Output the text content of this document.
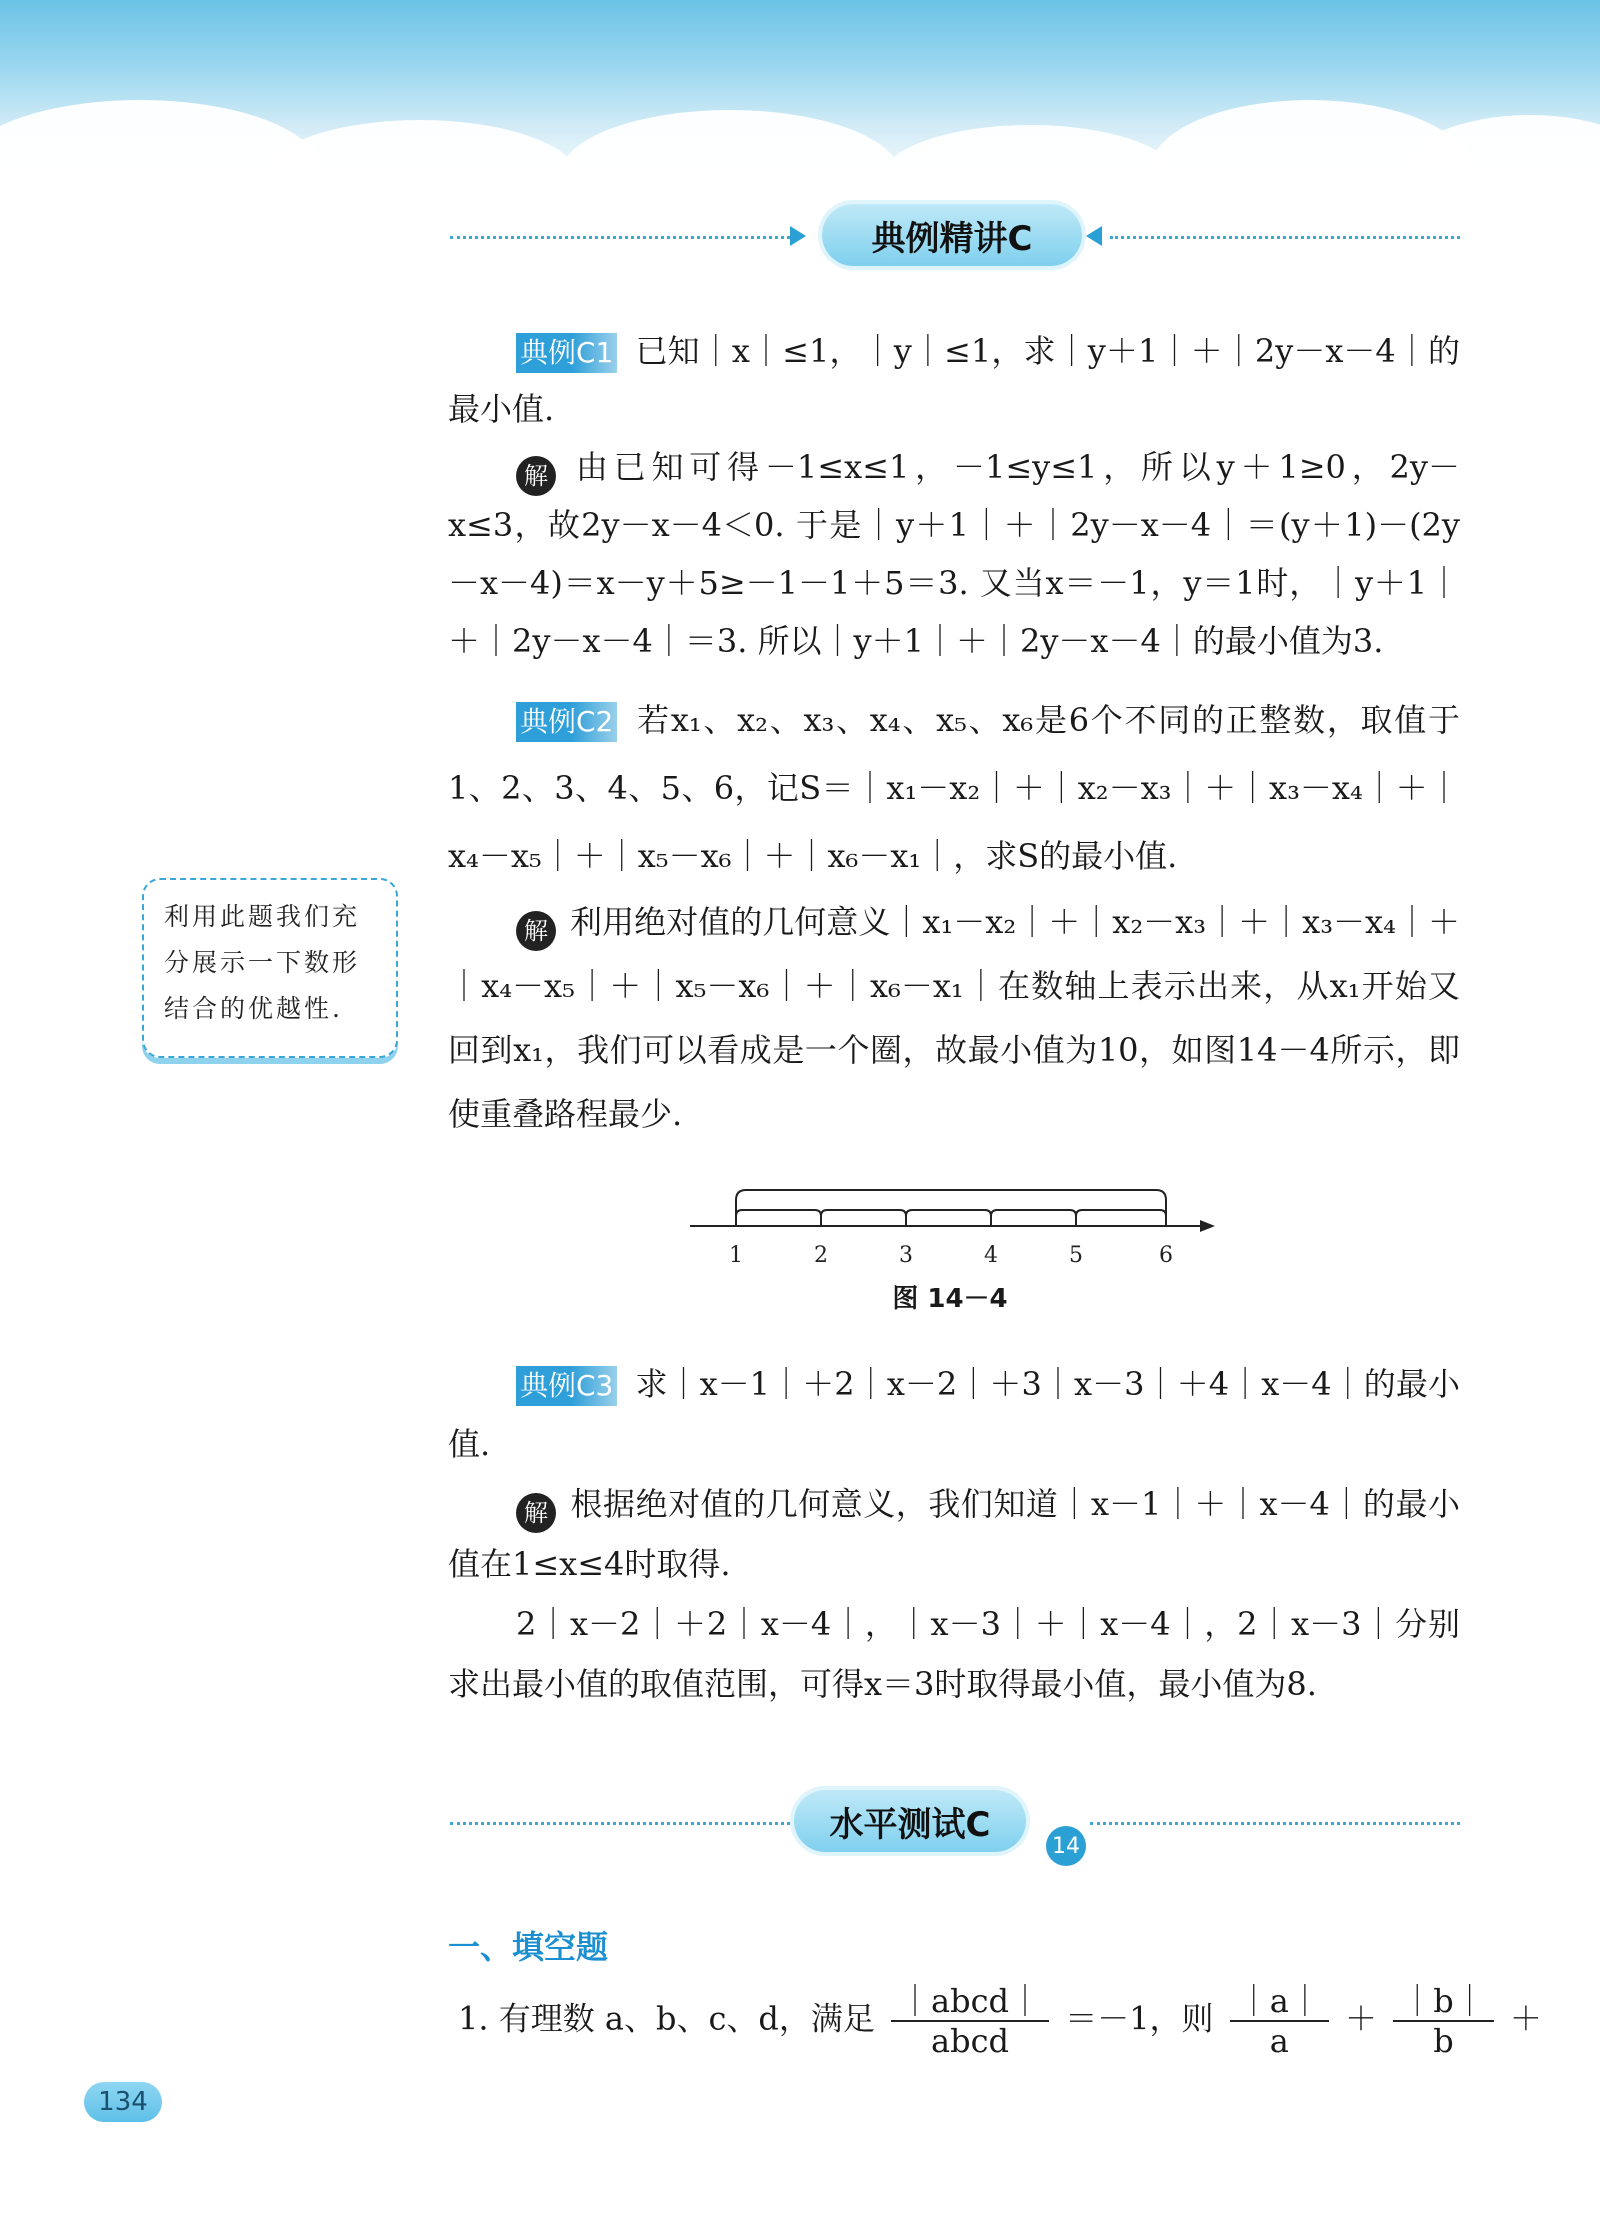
典例精讲C

典例C1 已知｜x｜≤1，｜y｜≤1，求｜y＋1｜＋｜2y－x－4｜的最小值.

解 由已知可得－1≤x≤1，－1≤y≤1，所以y＋1≥0，2y－x≤3，故2y－x－4＜0. 于是｜y＋1｜＋｜2y－x－4｜＝(y＋1)－(2y－x－4)＝x－y＋5≥－1－1＋5＝3. 又当x＝－1，y＝1时，｜y＋1｜＋｜2y－x－4｜＝3. 所以｜y＋1｜＋｜2y－x－4｜的最小值为3.

典例C2 若x₁、x₂、x₃、x₄、x₅、x₆是6个不同的正整数，取值于1、2、3、4、5、6，记S＝｜x₁－x₂｜＋｜x₂－x₃｜＋｜x₃－x₄｜＋｜x₄－x₅｜＋｜x₅－x₆｜＋｜x₆－x₁｜，求S的最小值.

解 利用绝对值的几何意义｜x₁－x₂｜＋｜x₂－x₃｜＋｜x₃－x₄｜＋｜x₄－x₅｜＋｜x₅－x₆｜＋｜x₆－x₁｜在数轴上表示出来，从x₁开始又回到x₁，我们可以看成是一个圈，故最小值为10，如图14－4所示，即使重叠路程最少.

利用此题我们充分展示一下数形结合的优越性.
1	2	3	4	5	6
图 14－4

典例C3 求｜x－1｜＋2｜x－2｜＋3｜x－3｜＋4｜x－4｜的最小值.

解 根据绝对值的几何意义，我们知道｜x－1｜＋｜x－4｜的最小值在1≤x≤4时取得.

2｜x－2｜＋2｜x－4｜，｜x－3｜＋｜x－4｜，2｜x－3｜分别求出最小值的取值范围，可得x＝3时取得最小值，最小值为8.

水平测试C
14
一、填空题
1. 有理数 a、b、c、d，满足 $\frac{\text{｜abcd｜}}{\text{abcd}} =-1$，则 $\frac{|a|}{a} + \frac{|b|}{b}$ ＋
134
